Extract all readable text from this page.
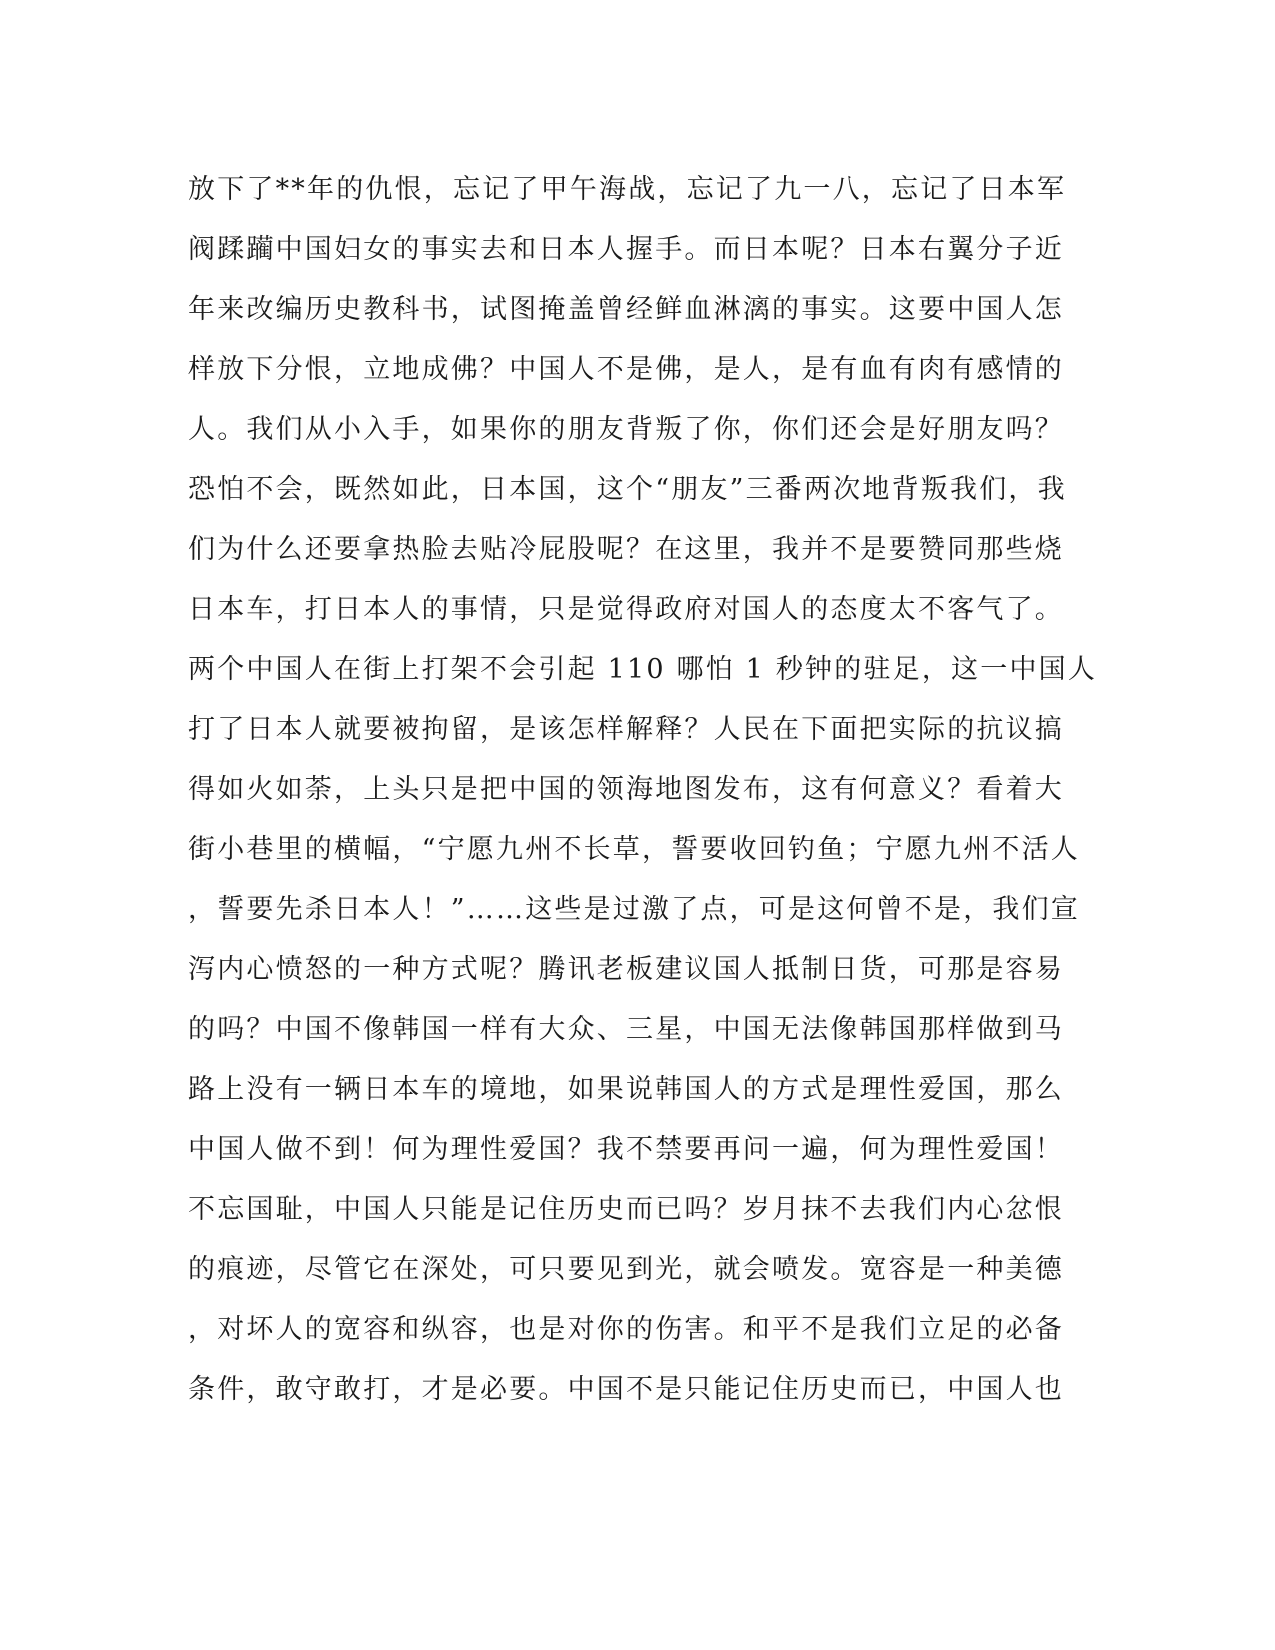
放下了**年的仇恨，忘记了甲午海战，忘记了九一八，忘记了日本军
阀蹂躏中国妇女的事实去和日本人握手。而日本呢？日本右翼分子近
年来改编历史教科书，试图掩盖曾经鲜血淋漓的事实。这要中国人怎
样放下分恨，立地成佛？中国人不是佛，是人，是有血有肉有感情的
人。我们从小入手，如果你的朋友背叛了你，你们还会是好朋友吗？
恐怕不会，既然如此，日本国，这个“朋友”三番两次地背叛我们，我
们为什么还要拿热脸去贴冷屁股呢？在这里，我并不是要赞同那些烧
日本车，打日本人的事情，只是觉得政府对国人的态度太不客气了。
两个中国人在街上打架不会引起 110 哪怕 1 秒钟的驻足，这一中国人
打了日本人就要被拘留，是该怎样解释？人民在下面把实际的抗议搞
得如火如荼，上头只是把中国的领海地图发布，这有何意义？看着大
街小巷里的横幅，“宁愿九州不长草，誓要收回钓鱼；宁愿九州不活人
，誓要先杀日本人！”……这些是过激了点，可是这何曾不是，我们宣
泻内心愤怒的一种方式呢？腾讯老板建议国人抵制日货，可那是容易
的吗？中国不像韩国一样有大众、三星，中国无法像韩国那样做到马
路上没有一辆日本车的境地，如果说韩国人的方式是理性爱国，那么
中国人做不到！何为理性爱国？我不禁要再问一遍，何为理性爱国！
不忘国耻，中国人只能是记住历史而已吗？岁月抹不去我们内心忿恨
的痕迹，尽管它在深处，可只要见到光，就会喷发。宽容是一种美德
，对坏人的宽容和纵容，也是对你的伤害。和平不是我们立足的必备
条件，敢守敢打，才是必要。中国不是只能记住历史而已，中国人也
